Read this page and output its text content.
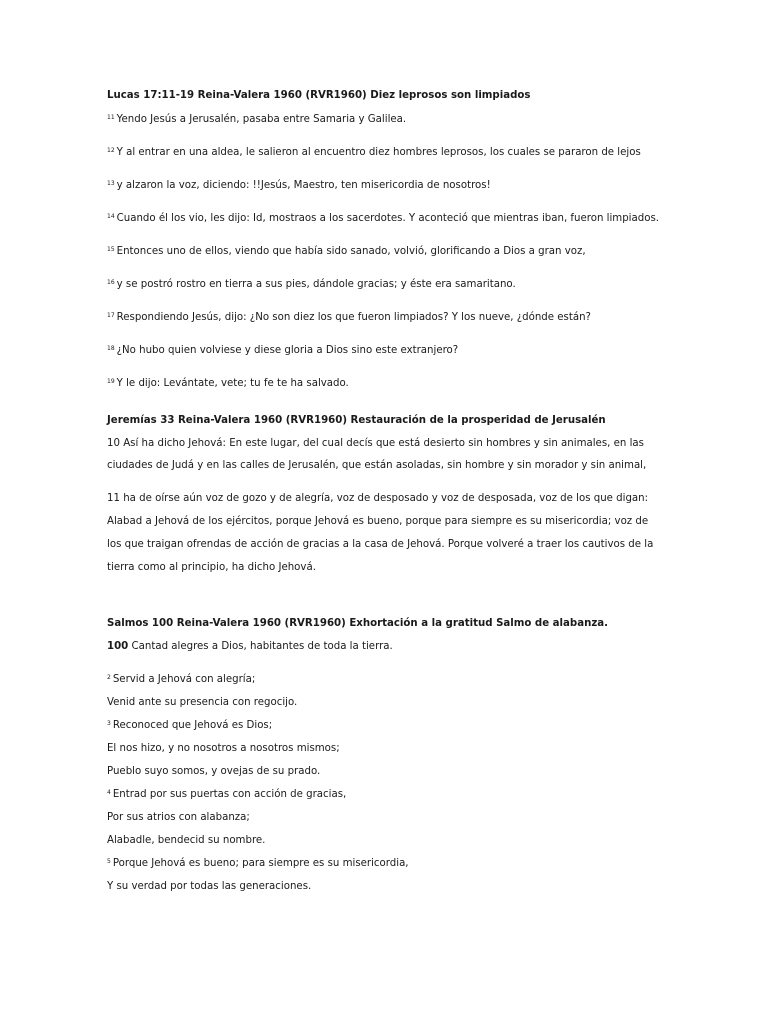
Lucas 17:11-19 Reina-Valera 1960 (RVR1960) Diez leprosos son limpiados
$^{11}$ Yendo Jesús a Jerusalén, pasaba entre Samaria y Galilea.
$^{12}$ Y al entrar en una aldea, le salieron al encuentro diez hombres leprosos, los cuales se pararon de lejos
$^{13}$ y alzaron la voz, diciendo: !!Jesús, Maestro, ten misericordia de nosotros!
$^{14}$ Cuando él los vio, les dijo: Id, mostraos a los sacerdotes. Y aconteció que mientras iban, fueron limpiados.
$^{15}$ Entonces uno de ellos, viendo que había sido sanado, volvió, glorificando a Dios a gran voz,
$^{16}$ y se postró rostro en tierra a sus pies, dándole gracias; y éste era samaritano.
$^{17}$ Respondiendo Jesús, dijo: ¿No son diez los que fueron limpiados? Y los nueve, ¿dónde están?
$^{18}$ ¿No hubo quien volviese y diese gloria a Dios sino este extranjero?
$^{19}$ Y le dijo: Levántate, vete; tu fe te ha salvado.
Jeremías 33 Reina-Valera 1960 (RVR1960) Restauración de la prosperidad de Jerusalén
10 Así ha dicho Jehová: En este lugar, del cual decís que está desierto sin hombres y sin animales, en las
ciudades de Judá y en las calles de Jerusalén, que están asoladas, sin hombre y sin morador y sin animal,
11 ha de oírse aún voz de gozo y de alegría, voz de desposado y voz de desposada, voz de los que digan:
Alabad a Jehová de los ejércitos, porque Jehová es bueno, porque para siempre es su misericordia; voz de
los que traigan ofrendas de acción de gracias a la casa de Jehová. Porque volveré a traer los cautivos de la
tierra como al principio, ha dicho Jehová.
Salmos 100 Reina-Valera 1960 (RVR1960) Exhortación a la gratitud Salmo de alabanza.
100 Cantad alegres a Dios, habitantes de toda la tierra.
$^2$ Servid a Jehová con alegría;
Venid ante su presencia con regocijo.
$^3$ Reconoced que Jehová es Dios;
El nos hizo, y no nosotros a nosotros mismos;
Pueblo suyo somos, y ovejas de su prado.
$^4$ Entrad por sus puertas con acción de gracias,
Por sus atrios con alabanza;
Alabadle, bendecid su nombre.
$^5$ Porque Jehová es bueno; para siempre es su misericordia,
Y su verdad por todas las generaciones.
